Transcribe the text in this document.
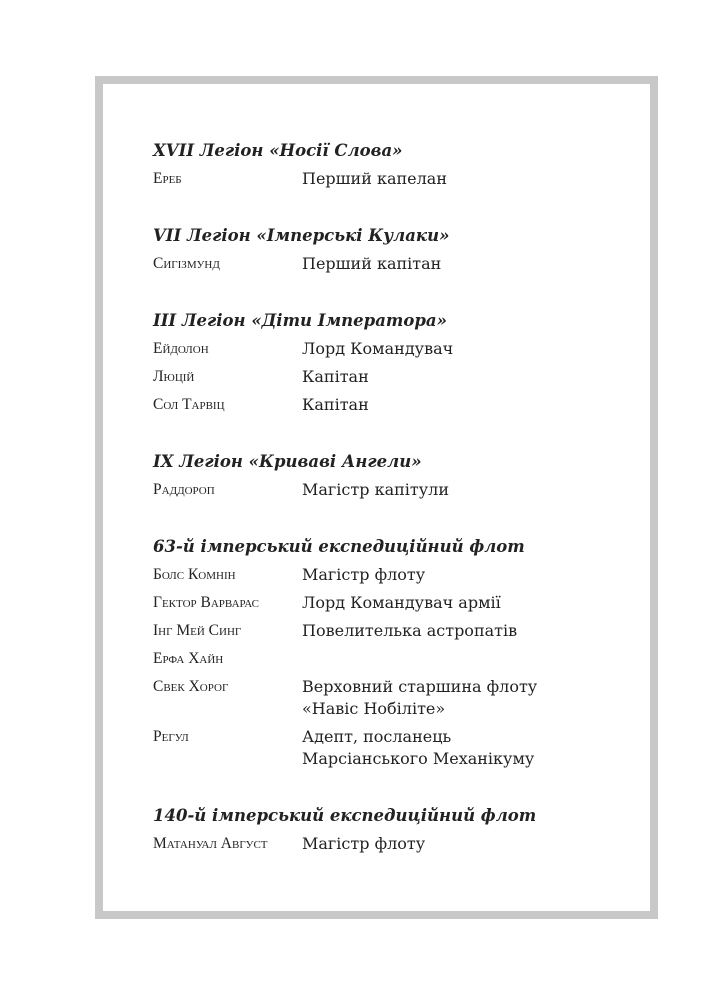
XVII Легіон «Носії Слова»
Ереб	Перший капелан
VII Легіон «Імперські Кулаки»
Сигізмунд	Перший капітан
III Легіон «Діти Імператора»
Ейдолон	Лорд Командувач
Люцій	Капітан
Сол Тарвіц	Капітан
IX Легіон «Криваві Ангели»
Раддороп	Магістр капітули
63-й імперський експедиційний флот
Болс Комнін	Магістр флоту
Гектор Варварас	Лорд Командувач армії
Інг Мей Синг	Повелителька астропатів
Ерфа Хайн
Свек Хорог	Верховний старшина флоту
«Навіс Нобіліте»
Регул	Адепт, посланець
Марсіанського Механікуму
140-й імперський експедиційний флот
Матануал Август	Магістр флоту
